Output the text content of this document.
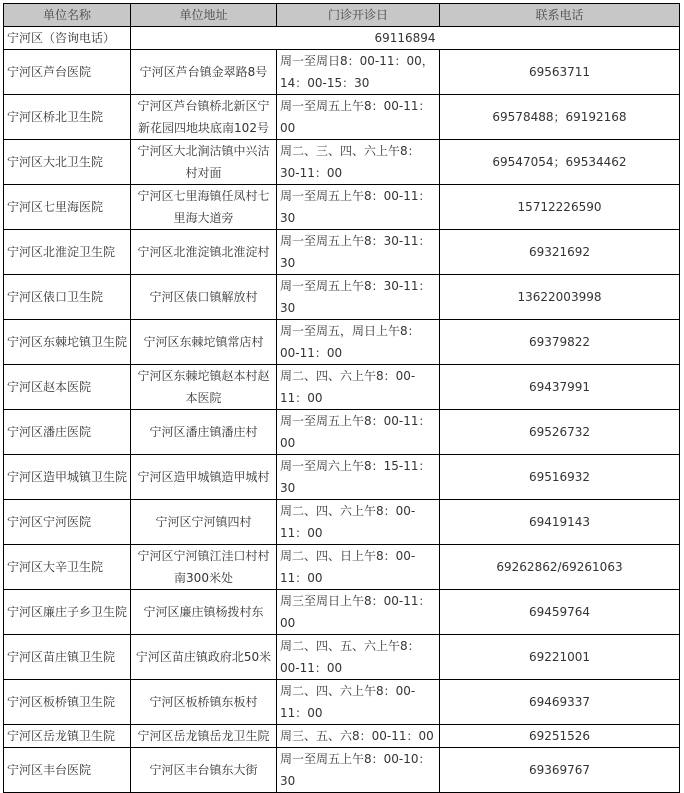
单位名称	单位地址	门诊开诊日	联系电话
宁河区（咨询电话）	69116894		
宁河区芦台医院	宁河区芦台镇金翠路8号	周一至周日8：00-11：00，14：00-15：30	69563711
宁河区桥北卫生院	宁河区芦台镇桥北新区宁新花园四地块底南102号	周一至周五上午8：00-11：00	69578488；69192168
宁河区大北卫生院	宁河区大北涧沽镇中兴沽村对面	周二、三、四、六上午8：30-11：00	69547054；69534462
宁河区七里海医院	宁河区七里海镇任凤村七里海大道旁	周一至周五上午8：00-11：30	15712226590
宁河区北淮淀卫生院	宁河区北淮淀镇北淮淀村	周一至周五上午8：30-11：30	69321692
宁河区俵口卫生院	宁河区俵口镇解放村	周一至周五上午8：30-11：30	13622003998
宁河区东棘坨镇卫生院	宁河区东棘坨镇常店村	周一至周五，周日上午8：00-11：00	69379822
宁河区赵本医院	宁河区东棘坨镇赵本村赵本医院	周二、四、六上午8：00-11：00	69437991
宁河区潘庄医院	宁河区潘庄镇潘庄村	周一至周五上午8：00-11：00	69526732
宁河区造甲城镇卫生院	宁河区造甲城镇造甲城村	周一至周六上午8：15-11：30	69516932
宁河区宁河医院	宁河区宁河镇四村	周二、四、六上午8：00-11：00	69419143
宁河区大辛卫生院	宁河区宁河镇江洼口村村南300米处	周二、四、日上午8：00-11：00	69262862/69261063
宁河区廉庄子乡卫生院	宁河区廉庄镇杨拨村东	周三至周日上午8：00-11：00	69459764
宁河区苗庄镇卫生院	宁河区苗庄镇政府北50米	周二、四、五、六上午8：00-11：00	69221001
宁河区板桥镇卫生院	宁河区板桥镇东板村	周二、四、六上午8：00-11：00	69469337
宁河区岳龙镇卫生院	宁河区岳龙镇岳龙卫生院	周三、五、六8：00-11：00	69251526
宁河区丰台医院	宁河区丰台镇东大街	周一至周五上午8：00-10：30	69369767
